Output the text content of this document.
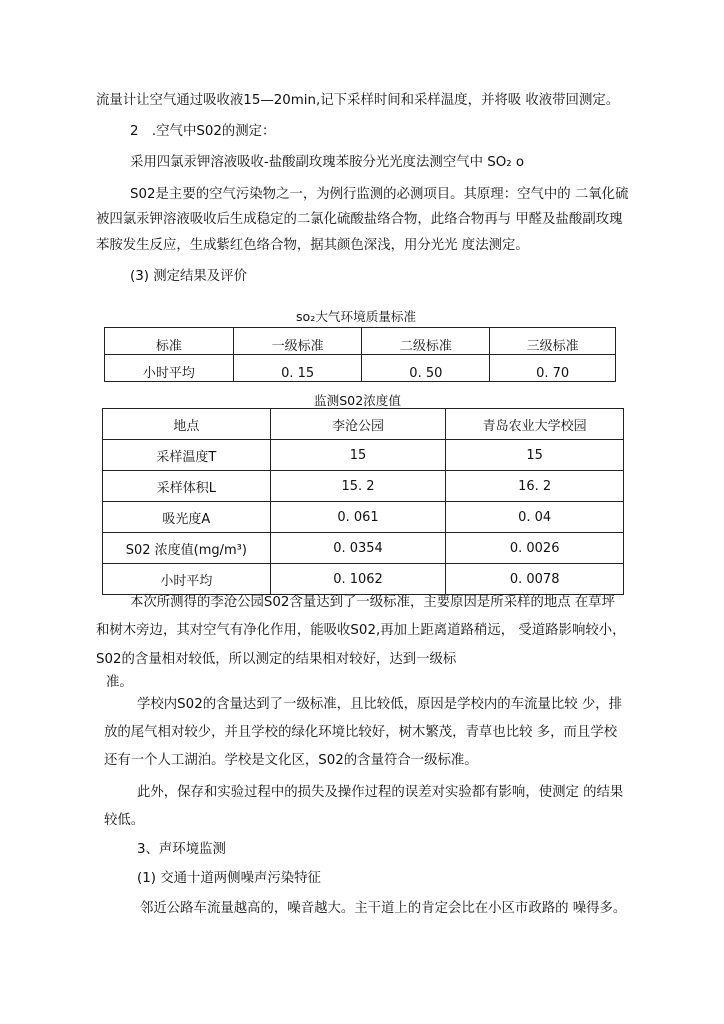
流量计让空气通过吸收液15—20min,记下采样时间和采样温度，并将吸 收液带回测定。
2　.空气中S02的测定：
采用四氯汞钾溶液吸收-盐酸副玫瑰苯胺分光光度法测空气中 SO₂ o
S02是主要的空气污染物之一，为例行监测的必测项目。其原理：空气中的 二氧化硫
被四氯汞钾溶液吸收后生成稳定的二氯化硫酸盐络合物，此络合物再与 甲醛及盐酸副玫瑰
苯胺发生反应，生成紫红色络合物，据其颜色深浅，用分光光 度法测定。
(3) 测定结果及评价
so₂大气环境质量标准
标准	一级标准	二级标准	三级标准
小时平均	0. 15	0. 50	0. 70
监测S02浓度值
地点	李沧公园	青岛农业大学校园
采样温度T	15	15
采样体积L	15. 2	16. 2
吸光度A	0. 061	0. 04
S02 浓度值(mg/m³)	0. 0354	0. 0026
小时平均	0. 1062	0. 0078
本次所测得的李沧公园S02含量达到了一级标准，主要原因是所采样的地点 在草坪
和树木旁边，其对空气有净化作用，能吸收S02,再加上距离道路稍远， 受道路影响较小，
S02的含量相对较低，所以测定的结果相对较好，达到一级标
准。
学校内S02的含量达到了一级标准，且比较低，原因是学校内的车流量比较 少，排
放的尾气相对较少，并且学校的绿化环境比较好，树木繁茂，青草也比较 多，而且学校
还有一个人工湖泊。学校是文化区，S02的含量符合一级标准。
此外，保存和实验过程中的损失及操作过程的误差对实验都有影响，使测定 的结果
较低。
3、声环境监测
(1) 交通十道两侧噪声污染特征
邻近公路车流量越高的，噪音越大。主干道上的肯定会比在小区市政路的 噪得多。
